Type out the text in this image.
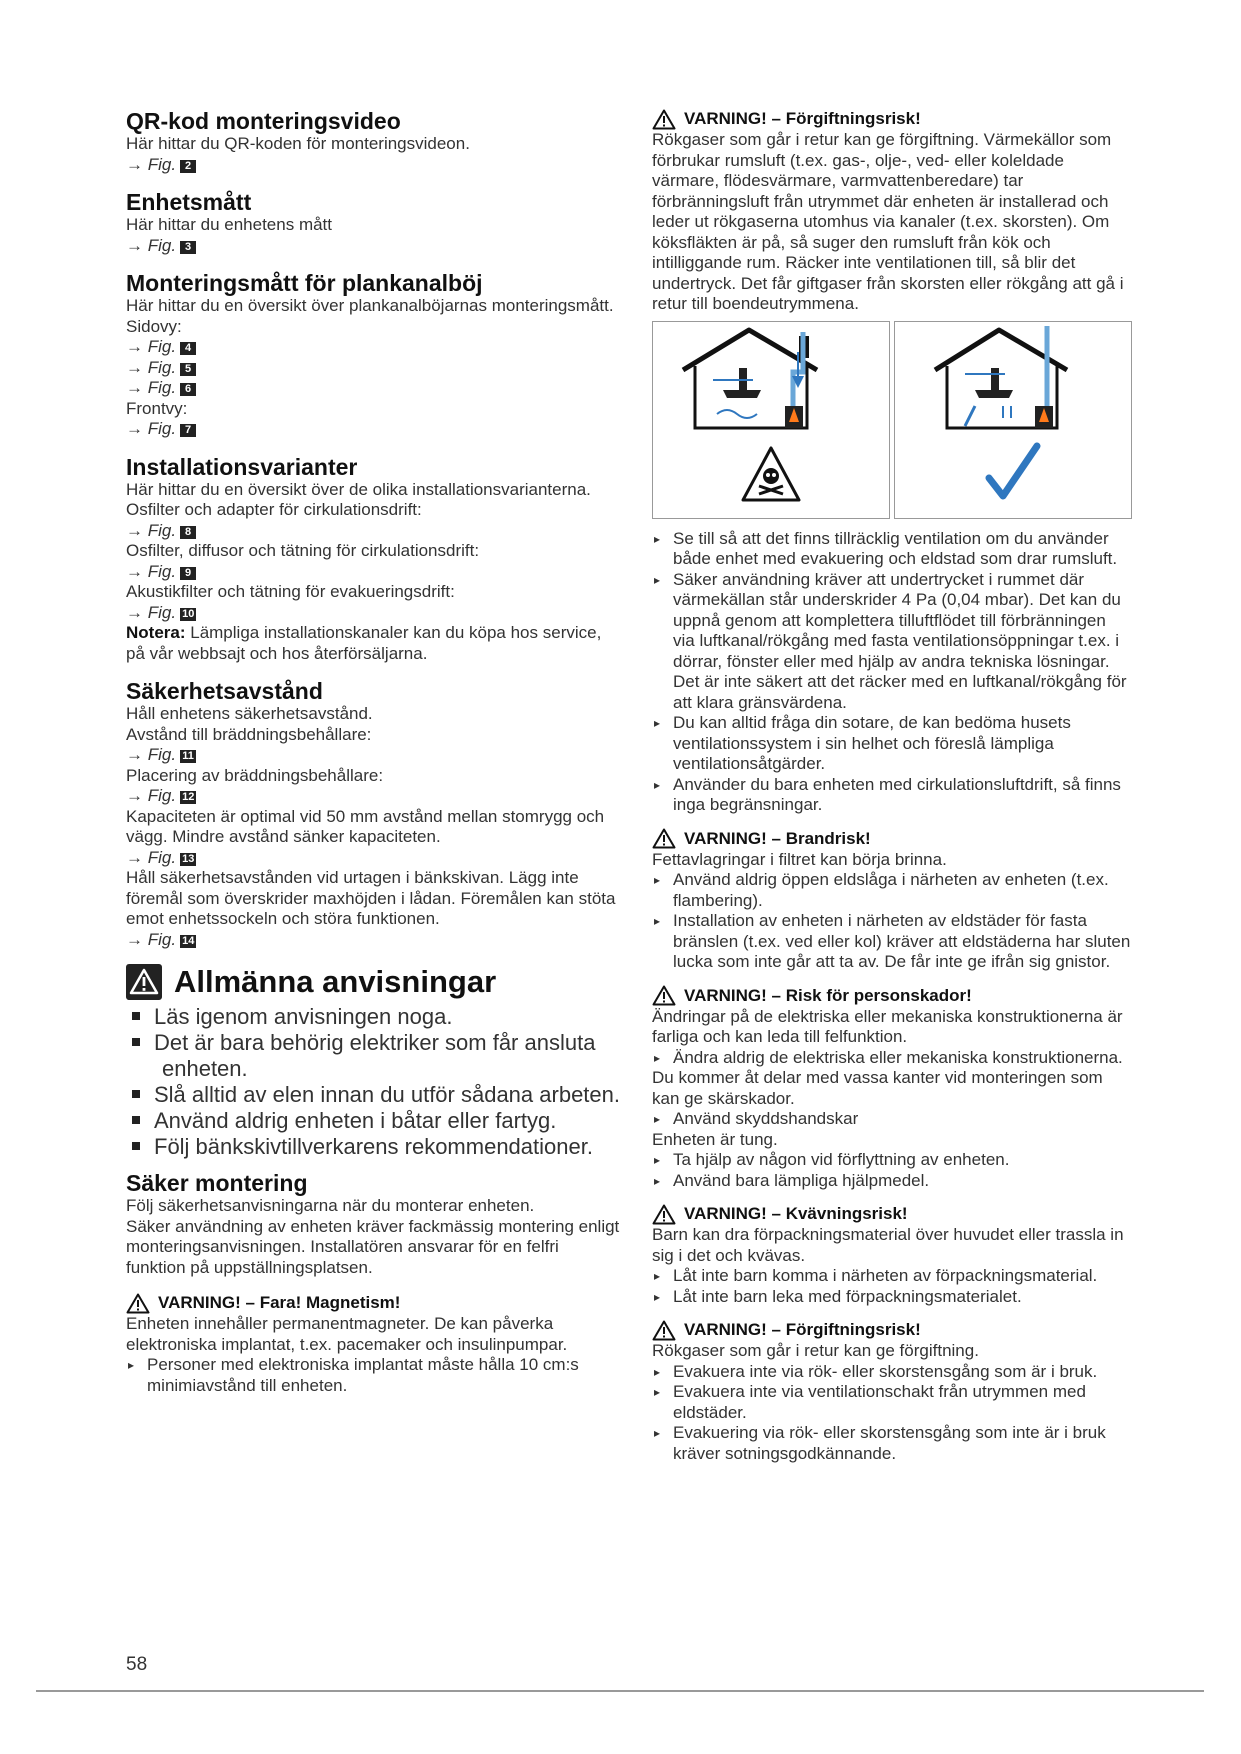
QR-kod monteringsvideo

Här hittar du QR-koden för monteringsvideon.

→ Fig. 2

Enhetsmått

Här hittar du enhetens mått

→ Fig. 3

Monteringsmått för plankanalböj

Här hittar du en översikt över plankanalböjarnas monteringsmått.

Sidovy:

→ Fig. 4

→ Fig. 5

→ Fig. 6

Frontvy:

→ Fig. 7

Installationsvarianter

Här hittar du en översikt över de olika installationsvarianterna.

Osfilter och adapter för cirkulationsdrift:

→ Fig. 8

Osfilter, diffusor och tätning för cirkulationsdrift:

→ Fig. 9

Akustikfilter och tätning för evakueringsdrift:

→ Fig. 10

Notera: Lämpliga installationskanaler kan du köpa hos service, på vår webbsajt och hos återförsäljarna.

Säkerhetsavstånd

Håll enhetens säkerhetsavstånd.

Avstånd till bräddningsbehållare:

→ Fig. 11

Placering av bräddningsbehållare:

→ Fig. 12

Kapaciteten är optimal vid 50 mm avstånd mellan stomrygg och vägg. Mindre avstånd sänker kapaciteten.

→ Fig. 13

Håll säkerhetsavstånden vid urtagen i bänkskivan. Lägg inte föremål som överskrider maxhöjden i lådan. Föremålen kan stöta emot enhetssockeln och störa funktionen.

→ Fig. 14

Allmänna anvisningar
Läs igenom anvisningen noga.
Det är bara behörig elektriker som får ansluta enheten.
Slå alltid av elen innan du utför sådana arbeten.
Använd aldrig enheten i båtar eller fartyg.
Följ bänkskivtillverkarens rekommendationer.
Säker montering

Följ säkerhetsanvisningarna när du monterar enheten.

Säker användning av enheten kräver fackmässig montering enligt monteringsanvisningen. Installatören ansvarar för en felfri funktion på uppställningsplatsen.

VARNING! – Fara! Magnetism!

Enheten innehåller permanentmagneter. De kan påverka elektroniska implantat, t.ex. pacemaker och insulinpumpar.

▸ Personer med elektroniska implantat måste hålla 10 cm:s minimiavstånd till enheten.
VARNING! – Förgiftningsrisk!

Rökgaser som går i retur kan ge förgiftning. Värmekällor som förbrukar rumsluft (t.ex. gas-, olje-, ved- eller koleldade värmare, flödesvärmare, varmvattenberedare) tar förbränningsluft från utrymmet där enheten är installerad och leder ut rökgaserna utomhus via kanaler (t.ex. skorsten). Om köksfläkten är på, så suger den rumsluft från kök och intilliggande rum. Räcker inte ventilationen till, så blir det undertryck. Det får giftgaser från skorsten eller rökgång att gå i retur till boendeutrymmena.

▸ Se till så att det finns tillräcklig ventilation om du använder både enhet med evakuering och eldstad som drar rumsluft.
▸ Säker användning kräver att undertrycket i rummet där värmekällan står underskrider 4 Pa (0,04 mbar). Det kan du uppnå genom att komplettera tilluftflödet till förbränningen via luftkanal/rökgång med fasta ventilationsöppningar t.ex. i dörrar, fönster eller med hjälp av andra tekniska lösningar. Det är inte säkert att det räcker med en luftkanal/rökgång för att klara gränsvärdena.
▸ Du kan alltid fråga din sotare, de kan bedöma husets ventilationssystem i sin helhet och föreslå lämpliga ventilationsåtgärder.
▸ Använder du bara enheten med cirkulationsluftdrift, så finns inga begränsningar.
VARNING! – Brandrisk!

Fettavlagringar i filtret kan börja brinna.

▸ Använd aldrig öppen eldslåga i närheten av enheten (t.ex. flambering).
▸ Installation av enheten i närheten av eldstäder för fasta bränslen (t.ex. ved eller kol) kräver att eldstäderna har sluten lucka som inte går att ta av. De får inte ge ifrån sig gnistor.
VARNING! – Risk för personskador!

Ändringar på de elektriska eller mekaniska konstruktionerna är farliga och kan leda till felfunktion.

▸ Ändra aldrig de elektriska eller mekaniska konstruktionerna.

Du kommer åt delar med vassa kanter vid monteringen som kan ge skärskador.

▸ Använd skyddshandskar

Enheten är tung.

▸ Ta hjälp av någon vid förflyttning av enheten.
▸ Använd bara lämpliga hjälpmedel.
VARNING! – Kvävningsrisk!

Barn kan dra förpackningsmaterial över huvudet eller trassla in sig i det och kvävas.

▸ Låt inte barn komma i närheten av förpackningsmaterial.
▸ Låt inte barn leka med förpackningsmaterialet.
VARNING! – Förgiftningsrisk!

Rökgaser som går i retur kan ge förgiftning.

▸ Evakuera inte via rök- eller skorstensgång som är i bruk.
▸ Evakuera inte via ventilationschakt från utrymmen med eldstäder.
▸ Evakuering via rök- eller skorstensgång som inte är i bruk kräver sotningsgodkännande.
58
